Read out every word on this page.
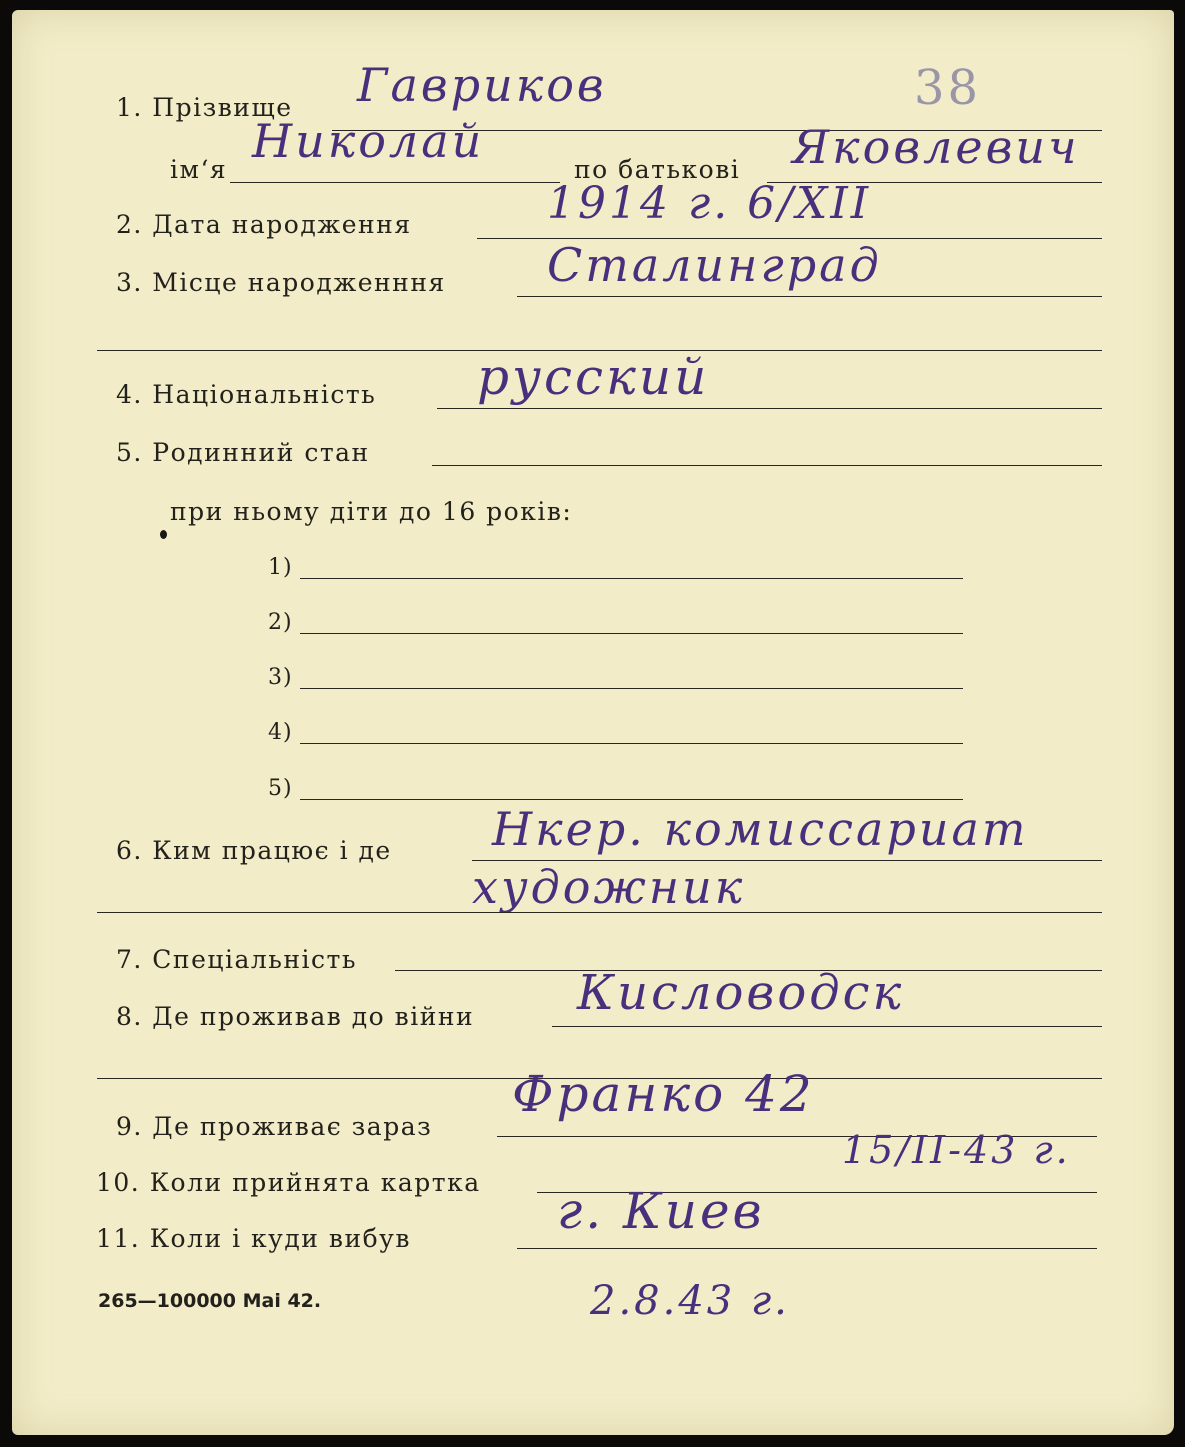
1. Прізвище Гавриков	38
ім‘я
Николай
по батькові Яковлевич
2. Дата народження	1914 г. 6/XII
3. Місце народженння Сталинград
4. Національність русский
5. Родинний стан
при ньому діти до 16 років:
1)
2)
3)
4)
5)
Нкер. комиссариат
6. Ким працює і де
художник
7. Спеціальність
Кисловодск
8. Де проживав до війни
Франко 42
9. Де проживає зараз
15/II-43 г.
10. Коли прийнята картка г. Киев
11. Коли і куди вибув
2.8.43 г.
265—100000 Mai 42.
